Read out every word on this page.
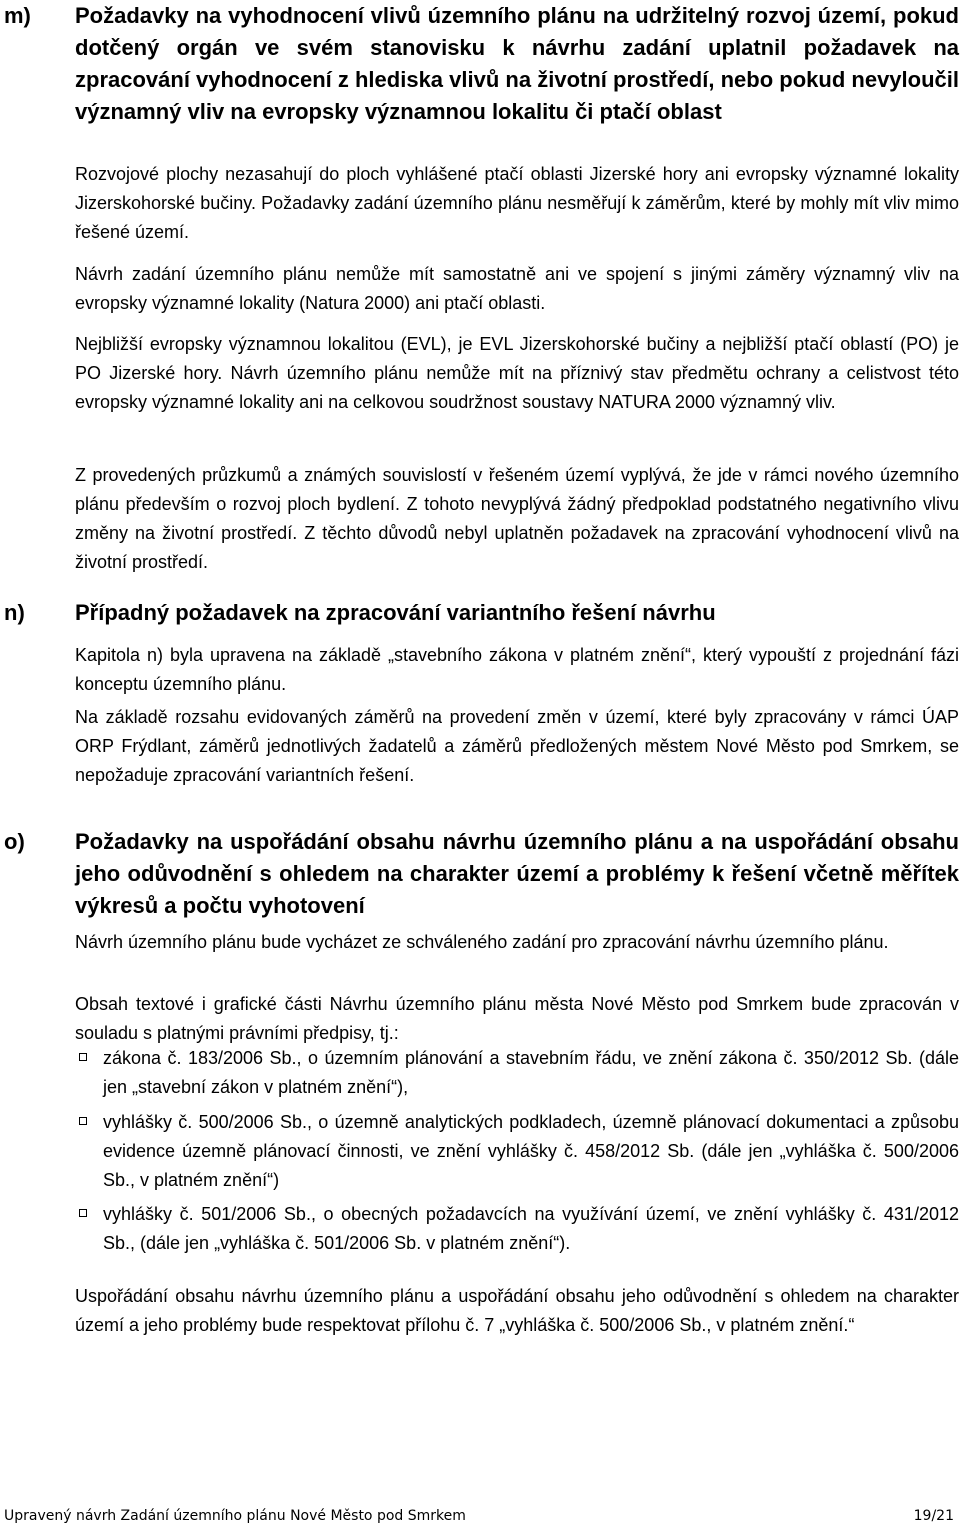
m) Požadavky na vyhodnocení vlivů územního plánu na udržitelný rozvoj území, pokud dotčený orgán ve svém stanovisku k návrhu zadání uplatnil požadavek na zpracování vyhodnocení z hlediska vlivů na životní prostředí, nebo pokud nevyloučil významný vliv na evropsky významnou lokalitu či ptačí oblast

Rozvojové plochy nezasahují do ploch vyhlášené ptačí oblasti Jizerské hory ani evropsky významné lokality Jizerskohorské bučiny. Požadavky zadání územního plánu nesměřují k záměrům, které by mohly mít vliv mimo řešené území.

Návrh zadání územního plánu nemůže mít samostatně ani ve spojení s jinými záměry významný vliv na evropsky významné lokality (Natura 2000) ani ptačí oblasti.

Nejbližší evropsky významnou lokalitou (EVL), je EVL Jizerskohorské bučiny a nejbližší ptačí oblastí (PO) je PO Jizerské hory. Návrh územního plánu nemůže mít na příznivý stav předmětu ochrany a celistvost této evropsky významné lokality ani na celkovou soudržnost soustavy NATURA 2000 významný vliv.

Z provedených průzkumů a známých souvislostí v řešeném území vyplývá, že jde v rámci nového územního plánu především o rozvoj ploch bydlení. Z tohoto nevyplývá žádný předpoklad podstatného negativního vlivu změny na životní prostředí. Z těchto důvodů nebyl uplatněn požadavek na zpracování vyhodnocení vlivů na životní prostředí.

n) Případný požadavek na zpracování variantního řešení návrhu

Kapitola n) byla upravena na základě „stavebního zákona v platném znění“, který vypouští z projednání fázi konceptu územního plánu.

Na základě rozsahu evidovaných záměrů na provedení změn v území, které byly zpracovány v rámci ÚAP ORP Frýdlant, záměrů jednotlivých žadatelů a záměrů předložených městem Nové Město pod Smrkem, se nepožaduje zpracování variantních řešení.

o) Požadavky na uspořádání obsahu návrhu územního plánu a na uspořádání obsahu jeho odůvodnění s ohledem na charakter území a problémy k řešení včetně měřítek výkresů a počtu vyhotovení

Návrh územního plánu bude vycházet ze schváleného zadání pro zpracování návrhu územního plánu.

Obsah textové i grafické části Návrhu územního plánu města Nové Město pod Smrkem bude zpracován v souladu s platnými právními předpisy, tj.:

zákona č. 183/2006 Sb., o územním plánování a stavebním řádu, ve znění zákona č. 350/2012 Sb. (dále jen „stavební zákon v platném znění“),
vyhlášky č. 500/2006 Sb., o územně analytických podkladech, územně plánovací dokumentaci a způsobu evidence územně plánovací činnosti, ve znění vyhlášky č. 458/2012 Sb. (dále jen „vyhláška č. 500/2006 Sb., v platném znění“)
vyhlášky č. 501/2006 Sb., o obecných požadavcích na využívání území, ve znění vyhlášky č. 431/2012 Sb., (dále jen „vyhláška č. 501/2006 Sb. v platném znění“).

Uspořádání obsahu návrhu územního plánu a uspořádání obsahu jeho odůvodnění s ohledem na charakter území a jeho problémy bude respektovat přílohu č. 7 „vyhláška č. 500/2006 Sb., v platném znění.“

Upravený návrh Zadání územního plánu Nové Město pod Smrkem	19/21
